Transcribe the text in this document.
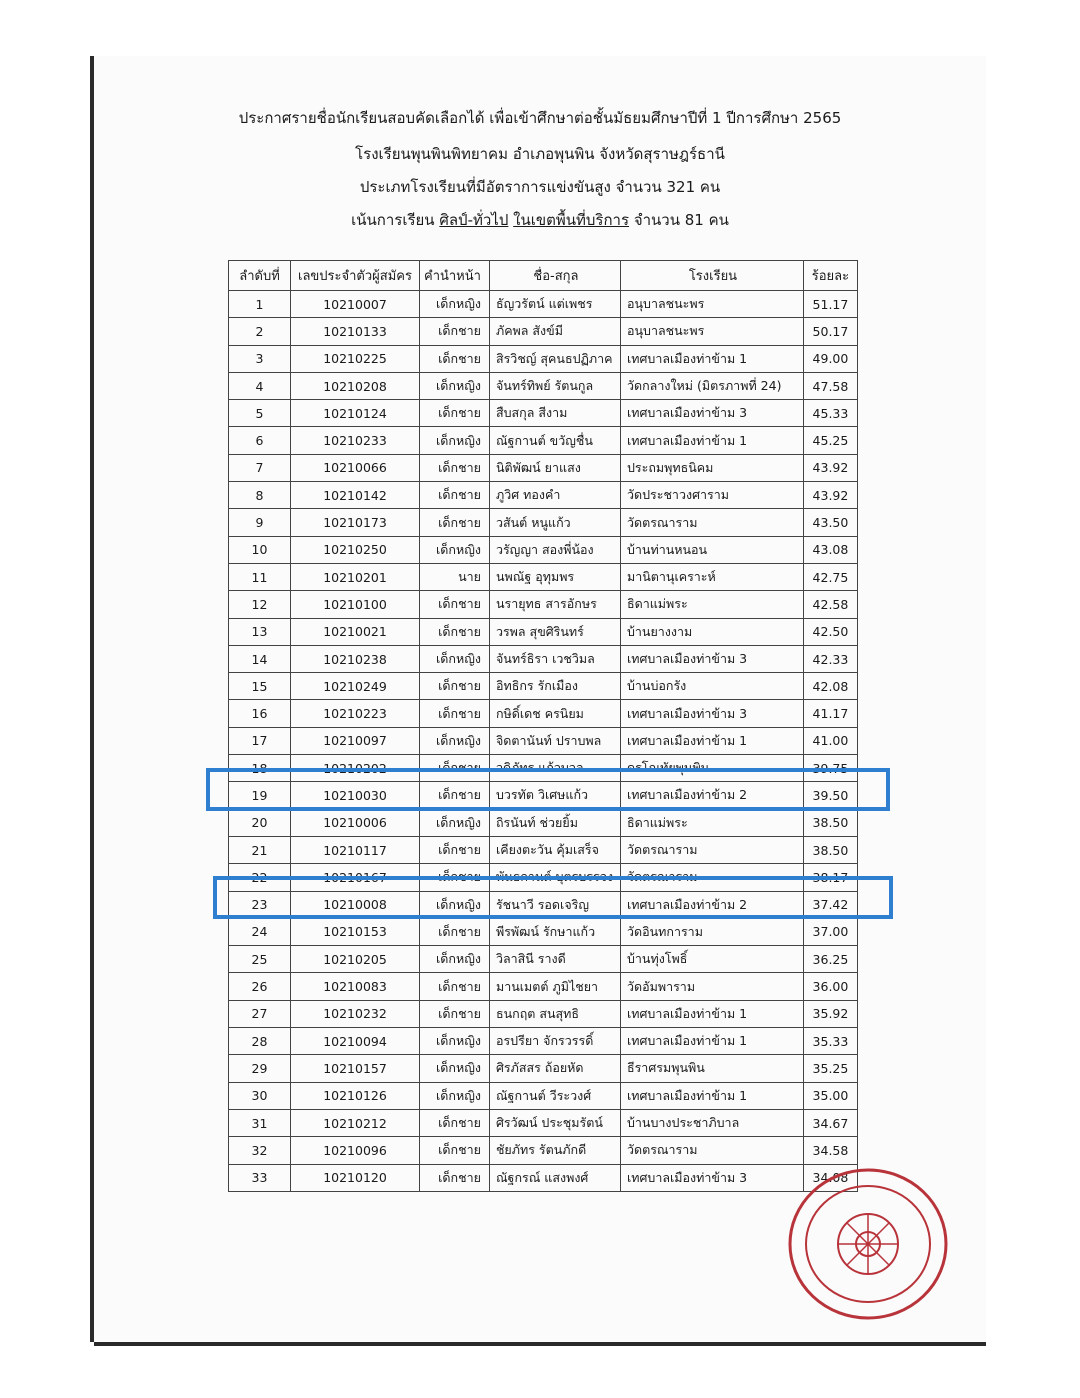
ประกาศรายชื่อนักเรียนสอบคัดเลือกได้ เพื่อเข้าศึกษาต่อชั้นมัธยมศึกษาปีที่ 1 ปีการศึกษา 2565
โรงเรียนพุนพินพิทยาคม อำเภอพุนพิน จังหวัดสุราษฎร์ธานี
ประเภทโรงเรียนที่มีอัตราการแข่งขันสูง จำนวน 321 คน
เน้นการเรียน ศิลป์-ทั่วไป ในเขตพื้นที่บริการ จำนวน 81 คน
ลำดับที่	เลขประจำตัวผู้สมัคร	คำนำหน้า	ชื่อ-สกุล	โรงเรียน	ร้อยละ
1	10210007	เด็กหญิง	ธัญวรัตน์ แต่เพชร	อนุบาลชนะพร	51.17
2	10210133	เด็กชาย	ภัคพล สังข์มี	อนุบาลชนะพร	50.17
3	10210225	เด็กชาย	สิรวิชญ์ สุคนธปฏิภาค	เทศบาลเมืองท่าข้าม 1	49.00
4	10210208	เด็กหญิง	จันทร์ทิพย์ รัตนกูล	วัดกลางใหม่ (มิตรภาพที่ 24)	47.58
5	10210124	เด็กชาย	สืบสกุล สีงาม	เทศบาลเมืองท่าข้าม 3	45.33
6	10210233	เด็กหญิง	ณัฐกานต์ ขวัญชื่น	เทศบาลเมืองท่าข้าม 1	45.25
7	10210066	เด็กชาย	นิติพัฒน์ ยาแสง	ประถมพุทธนิคม	43.92
8	10210142	เด็กชาย	ภูวิศ ทองคำ	วัดประชาวงศาราม	43.92
9	10210173	เด็กชาย	วสันต์ หนูแก้ว	วัดตรณาราม	43.50
10	10210250	เด็กหญิง	วรัญญา สองพี่น้อง	บ้านท่านหนอน	43.08
11	10210201	นาย	นพณัฐ อุทุมพร	มานิตานุเคราะห์	42.75
12	10210100	เด็กชาย	นรายุทธ สารอักษร	ธิดาแม่พระ	42.58
13	10210021	เด็กชาย	วรพล สุขศิรินทร์	บ้านยางงาม	42.50
14	10210238	เด็กหญิง	จันทร์ธิรา เวชวิมล	เทศบาลเมืองท่าข้าม 3	42.33
15	10210249	เด็กชาย	อิทธิกร รักเมือง	บ้านบ่อกรัง	42.08
16	10210223	เด็กชาย	กษิดิ์เดช ครนิยม	เทศบาลเมืองท่าข้าม 3	41.17
17	10210097	เด็กหญิง	จิดตานันท์ ปราบพล	เทศบาลเมืองท่าข้าม 1	41.00
18	10210202	เด็กชาย	วดิภัทร แก้วบวล	ดรโณทัยพุนพิน	39.75
19	10210030	เด็กชาย	บวรทัต วิเศษแก้ว	เทศบาลเมืองท่าข้าม 2	39.50
20	10210006	เด็กหญิง	ถิรนันท์ ช่วยยิ้ม	ธิดาแม่พระ	38.50
21	10210117	เด็กชาย	เคียงตะวัน คุ้มเสร็จ	วัดตรณาราม	38.50
22	10210167	เด็กชาย	พันธกานต์ บุตรบรรจง	วัดตรณาราม	38.17
23	10210008	เด็กหญิง	รัชนาวี รอดเจริญ	เทศบาลเมืองท่าข้าม 2	37.42
24	10210153	เด็กชาย	พีรพัฒน์ รักษาแก้ว	วัดอินทการาม	37.00
25	10210205	เด็กหญิง	วิลาสินี รางดี	บ้านทุ่งโพธิ์	36.25
26	10210083	เด็กชาย	มานเมตต์ ภูมิไชยา	วัดอัมพาราม	36.00
27	10210232	เด็กชาย	ธนกฤต สนสุทธิ	เทศบาลเมืองท่าข้าม 1	35.92
28	10210094	เด็กหญิง	อรปรียา จักรวรรดิ์	เทศบาลเมืองท่าข้าม 1	35.33
29	10210157	เด็กหญิง	ศิรภัสสร ถ้อยหัด	ธีราศรมพุนพิน	35.25
30	10210126	เด็กหญิง	ณัฐกานต์ วีระวงศ์	เทศบาลเมืองท่าข้าม 1	35.00
31	10210212	เด็กชาย	ศิรวัฒน์ ประชุมรัตน์	บ้านบางประชาภิบาล	34.67
32	10210096	เด็กชาย	ชัยภัทร รัตนภักดี	วัดตรณาราม	34.58
33	10210120	เด็กชาย	ณัฐกรณ์ แสงพงศ์	เทศบาลเมืองท่าข้าม 3	34.08
